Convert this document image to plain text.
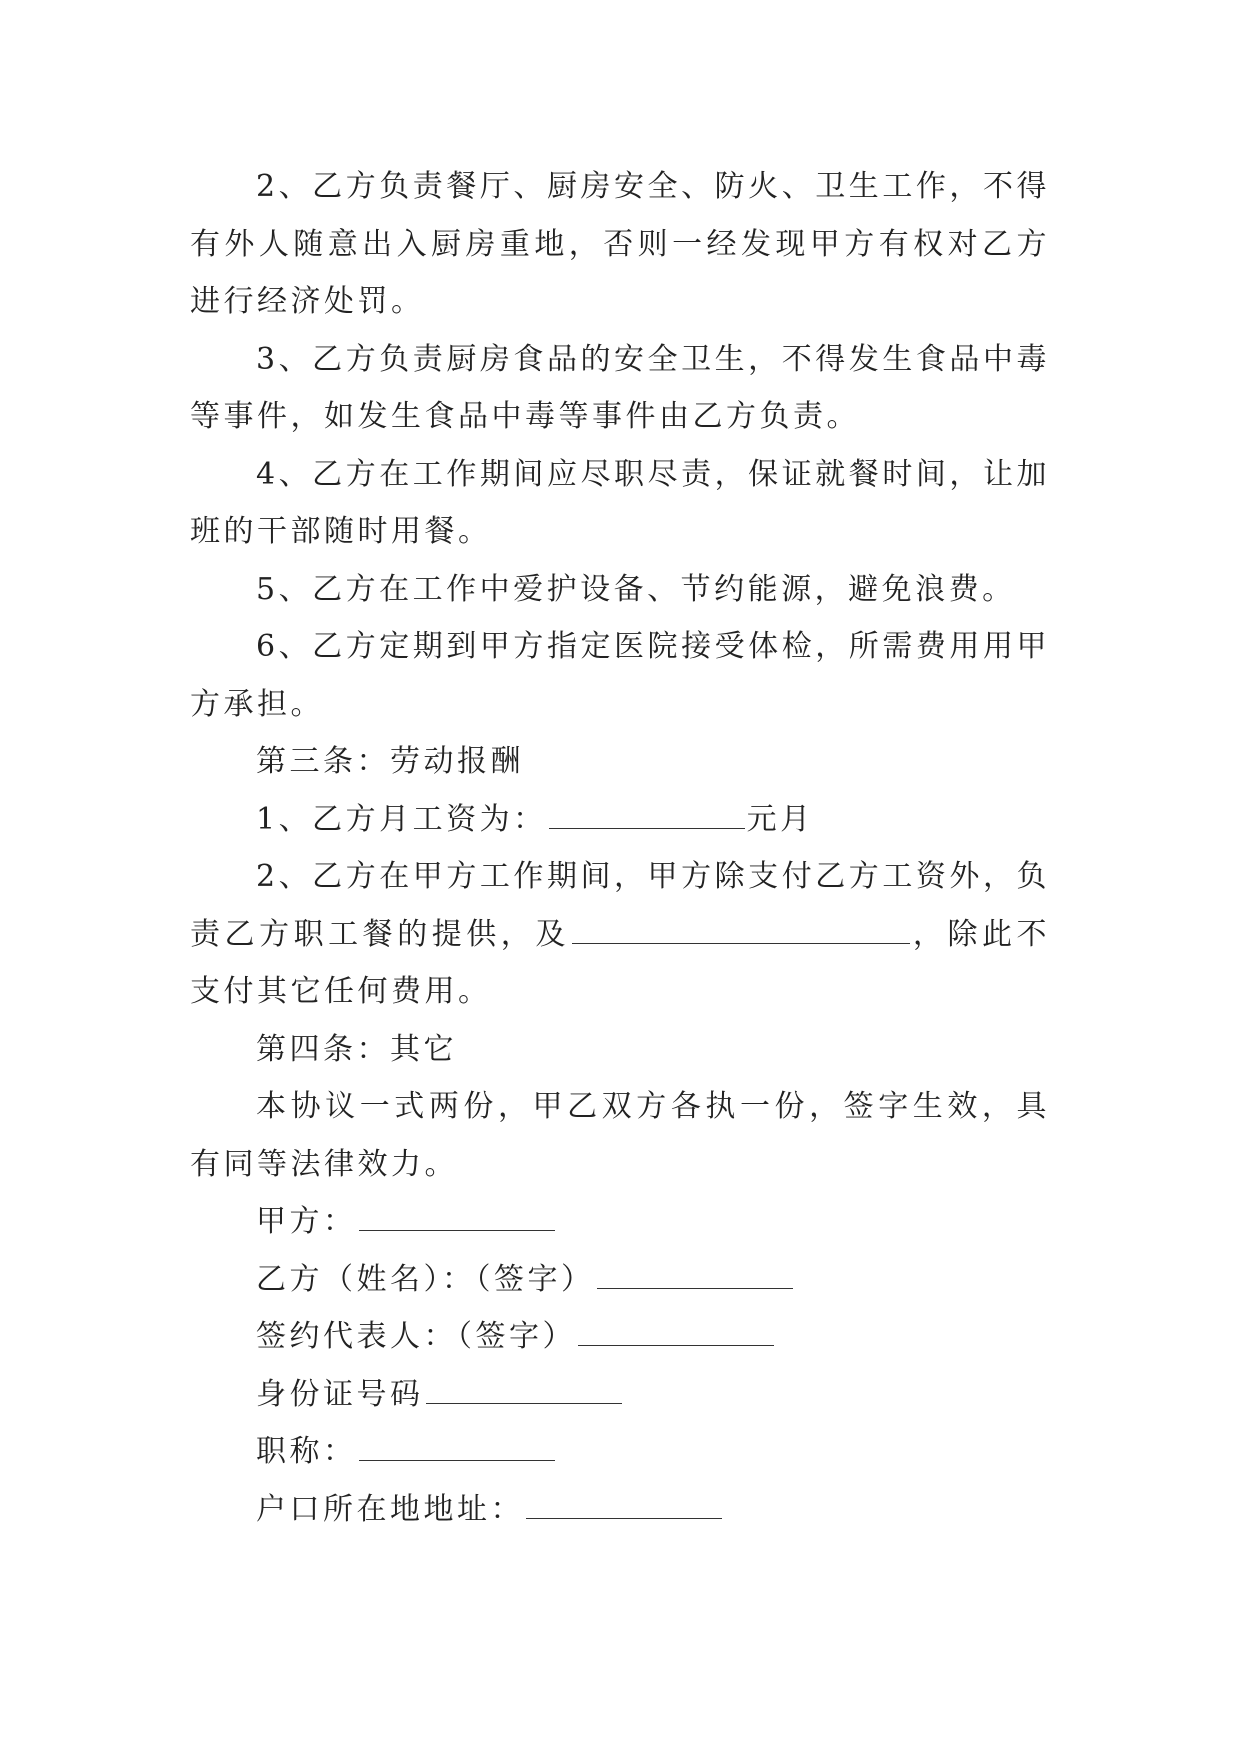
2、乙方负责餐厅、厨房安全、防火、卫生工作，不得有外人随意出入厨房重地，否则一经发现甲方有权对乙方进行经济处罚。

3、乙方负责厨房食品的安全卫生，不得发生食品中毒等事件，如发生食品中毒等事件由乙方负责。

4、乙方在工作期间应尽职尽责，保证就餐时间，让加班的干部随时用餐。

5、乙方在工作中爱护设备、节约能源，避免浪费。

6、乙方定期到甲方指定医院接受体检，所需费用用甲方承担。

第三条：劳动报酬

1、乙方月工资为：	元月

2、乙方在甲方工作期间，甲方除支付乙方工资外，负责乙方职工餐的提供，及	，除此不支付其它任何费用。

第四条：其它

本协议一式两份，甲乙双方各执一份，签字生效，具有同等法律效力。

甲方：

乙方（姓名）：（签字）

签约代表人：（签字）

身份证号码

职称：

户口所在地地址：
